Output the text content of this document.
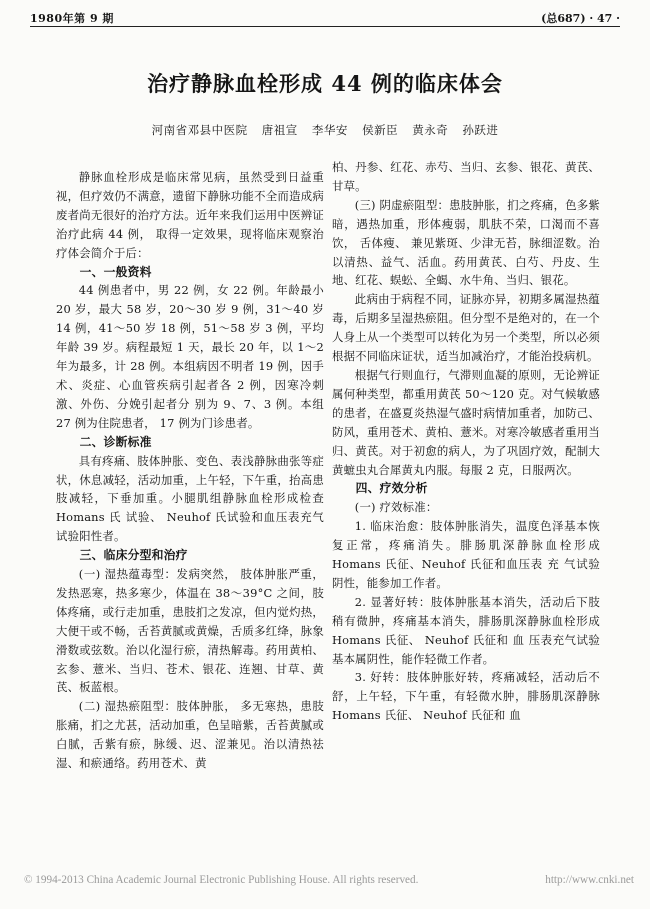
1980年第 9 期	(总687) · 47 ·
治疗静脉血栓形成 44 例的临床体会
河南省邓县中医院 唐祖宣 李华安 侯新臣 黄永奇 孙跃进

静脉血栓形成是临床常见病，虽然受到日益重视，但疗效仍不满意，遗留下静脉功能不全而造成病废者尚无很好的治疗方法。近年来我们运用中医辨证治疗此病 44 例， 取得一定效果，现将临床观察治疗体会简介于后：

一、一般资料

44 例患者中，男 22 例，女 22 例。年龄最小 20 岁，最大 58 岁，20～30 岁 9 例，31～40 岁 14 例，41～50 岁 18 例，51～58 岁 3 例，平均年龄 39 岁。病程最短 1 天，最长 20 年，以 1～2 年为最多，计 28 例。本组病因不明者 19 例，因手术、炎症、心血管疾病引起者各 2 例，因寒冷刺激、外伤、分娩引起者分 别为 9、7、3 例。本组 27 例为住院患者， 17 例为门诊患者。

二、诊断标准

具有疼痛、肢体肿胀、变色、表浅静脉曲张等症状，休息减轻，活动加重，上午轻，下午重，抬高患肢减轻，下垂加重。小腿肌组静脉血栓形成检查 Homans 氏 试验、 Neuhof 氏试验和血压表充气试验阳性者。

三、临床分型和治疗

(一) 湿热蕴毒型：发病突然， 肢体肿胀严重，发热恶寒，热多寒少，体温在 38～39°C 之间，肢体疼痛，或行走加重，患肢扪之发凉，但内觉灼热，大便干或不畅，舌苔黄腻或黄燥，舌质多红绛，脉象滑数或弦数。治以化湿行瘀，清热解毒。药用黄柏、玄参、薏米、当归、苍术、银花、连翘、甘草、黄芪、板蓝根。

(二) 湿热瘀阻型：肢体肿胀， 多无寒热，患肢胀痛，扪之尤甚，活动加重，色呈暗紫，舌苔黄腻或白腻，舌紫有瘀，脉缓、迟、涩兼见。治以清热祛湿、和瘀通络。药用苍术、黄

柏、丹参、红花、赤芍、当归、玄参、银花、黄芪、甘草。

(三) 阴虚瘀阻型：患肢肿胀，扪之疼痛，色多紫暗，遇热加重，形体瘦弱，肌肤不荣，口渴而不喜饮， 舌体瘦、 兼见紫斑、少津无苔，脉细涩数。治以清热、益气、活血。药用黄芪、白芍、丹皮、生地、红花、蜈蚣、全蝎、水牛角、当归、银花。

此病由于病程不同，证脉亦异，初期多属湿热蕴毒，后期多呈湿热瘀阻。但分型不是绝对的，在一个人身上从一个类型可以转化为另一个类型，所以必须根据不同临床证状，适当加减治疗，才能治投病机。

根据气行则血行，气滞则血凝的原则，无论辨证属何种类型，都重用黄芪 50～120 克。对气候敏感的患者，在盛夏炎热湿气盛时病情加重者，加防己、防风，重用苍术、黄柏、薏米。对寒冷敏感者重用当归、黄芪。对于初愈的病人，为了巩固疗效，配制大黄蟅虫丸合犀黄丸内服。每服 2 克，日服两次。

四、疗效分析

(一) 疗效标准：

1. 临床治愈：肢体肿胀消失，温度色泽基本恢复正常，疼痛消失。腓肠肌深静脉血栓形成 Homans 氏征、Neuhof 氏征和血压表 充 气试验阴性，能参加工作者。

2. 显著好转：肢体肿胀基本消失，活动后下肢稍有微肿，疼痛基本消失，腓肠肌深静脉血栓形成 Homans 氏征、 Neuhof 氏征和 血 压表充气试验基本属阴性，能作轻微工作者。

3. 好转：肢体肿胀好转，疼痛减轻，活动后不舒，上午轻，下午重，有轻微水肿，腓肠肌深静脉 Homans 氏征、 Neuhof 氏征和 血

© 1994-2013 China Academic Journal Electronic Publishing House. All rights reserved.	http://www.cnki.net
